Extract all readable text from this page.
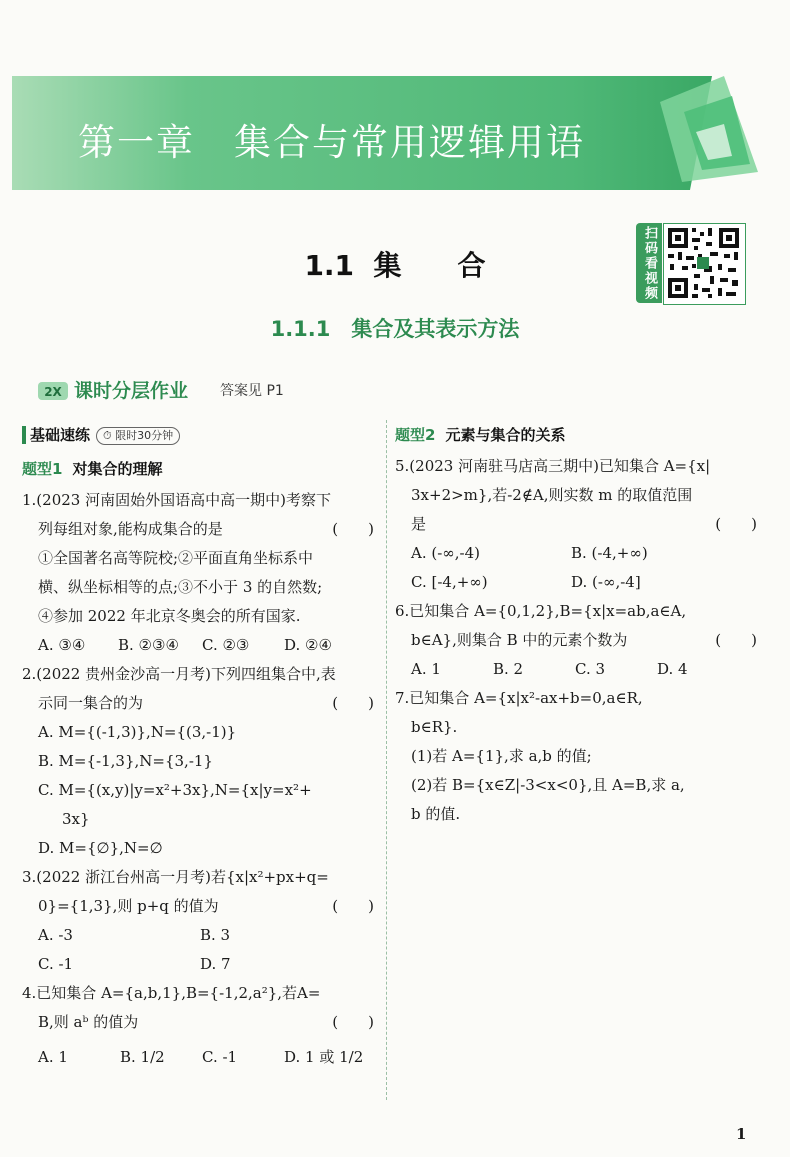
第一章　集合与常用逻辑用语
扫码看视频
1.1  集　　合
1.1.1　集合及其表示方法
2X 课时分层作业 答案见 P1
基础速练 ⏱ 限时30分钟
题型1 对集合的理解
1.(2023 河南固始外国语高中高一期中)考察下
列每组对象,能构成集合的是	(　　)
①全国著名高等院校;②平面直角坐标系中
横、纵坐标相等的点;③不小于 3 的自然数;
④参加 2022 年北京冬奥会的所有国家.
A. ③④	B. ②③④	C. ②③	D. ②④
2.(2022 贵州金沙高一月考)下列四组集合中,表
示同一集合的为	(　　)
A. M={(-1,3)},N={(3,-1)}
B. M={-1,3},N={3,-1}
C. M={(x,y)|y=x²+3x},N={x|y=x²+
3x}
D. M={∅},N=∅
3.(2022 浙江台州高一月考)若{x|x²+px+q=
0}={1,3},则 p+q 的值为	(　　)
A. -3	B. 3
C. -1	D. 7
4.已知集合 A={a,b,1},B={-1,2,a²},若A=
B,则 aᵇ 的值为	(　　)
A. 1	B. 1/2	C. -1	D. 1 或 1/2
题型2 元素与集合的关系
5.(2023 河南驻马店高三期中)已知集合 A={x|
3x+2>m},若-2∉A,则实数 m 的取值范围
是	(　　)
A. (-∞,-4)	B. (-4,+∞)
C. [-4,+∞)	D. (-∞,-4]
6.已知集合 A={0,1,2},B={x|x=ab,a∈A,
b∈A},则集合 B 中的元素个数为	(　　)
A. 1	B. 2	C. 3	D. 4
7.已知集合 A={x|x²-ax+b=0,a∈R,
b∈R}.
(1)若 A={1},求 a,b 的值;
(2)若 B={x∈Z|-3<x<0},且 A=B,求 a,
b 的值.
1
